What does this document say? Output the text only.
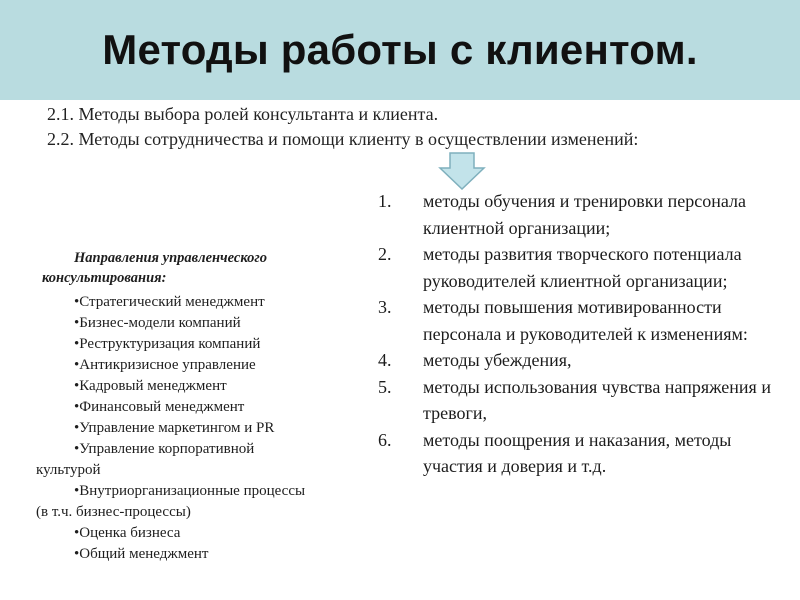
Методы работы с клиентом.
2.1. Методы выбора ролей консультанта и клиента.
2.2. Методы сотрудничества и помощи клиенту в осуществлении изменений:
Направления управленческого
консультирования:
•Стратегический менеджмент
•Бизнес-модели компаний
•Реструктуризация компаний
•Антикризисное управление
•Кадровый менеджмент
•Финансовый менеджмент
•Управление маркетингом и PR
•Управление корпоративной
культурой
•Внутриорганизационные процессы
(в т.ч. бизнес-процессы)
•Оценка бизнеса
•Общий менеджмент
1.	методы обучения и тренировки персонала клиентной организации;
2.	методы развития творческого потенциала руководителей клиентной организации;
3.	методы повышения мотивированности персонала и руководителей к изменениям:
4.	методы убеждения,
5.	методы использования чувства напряжения и тревоги,
6.	методы поощрения и наказания, методы участия и доверия и т.д.
